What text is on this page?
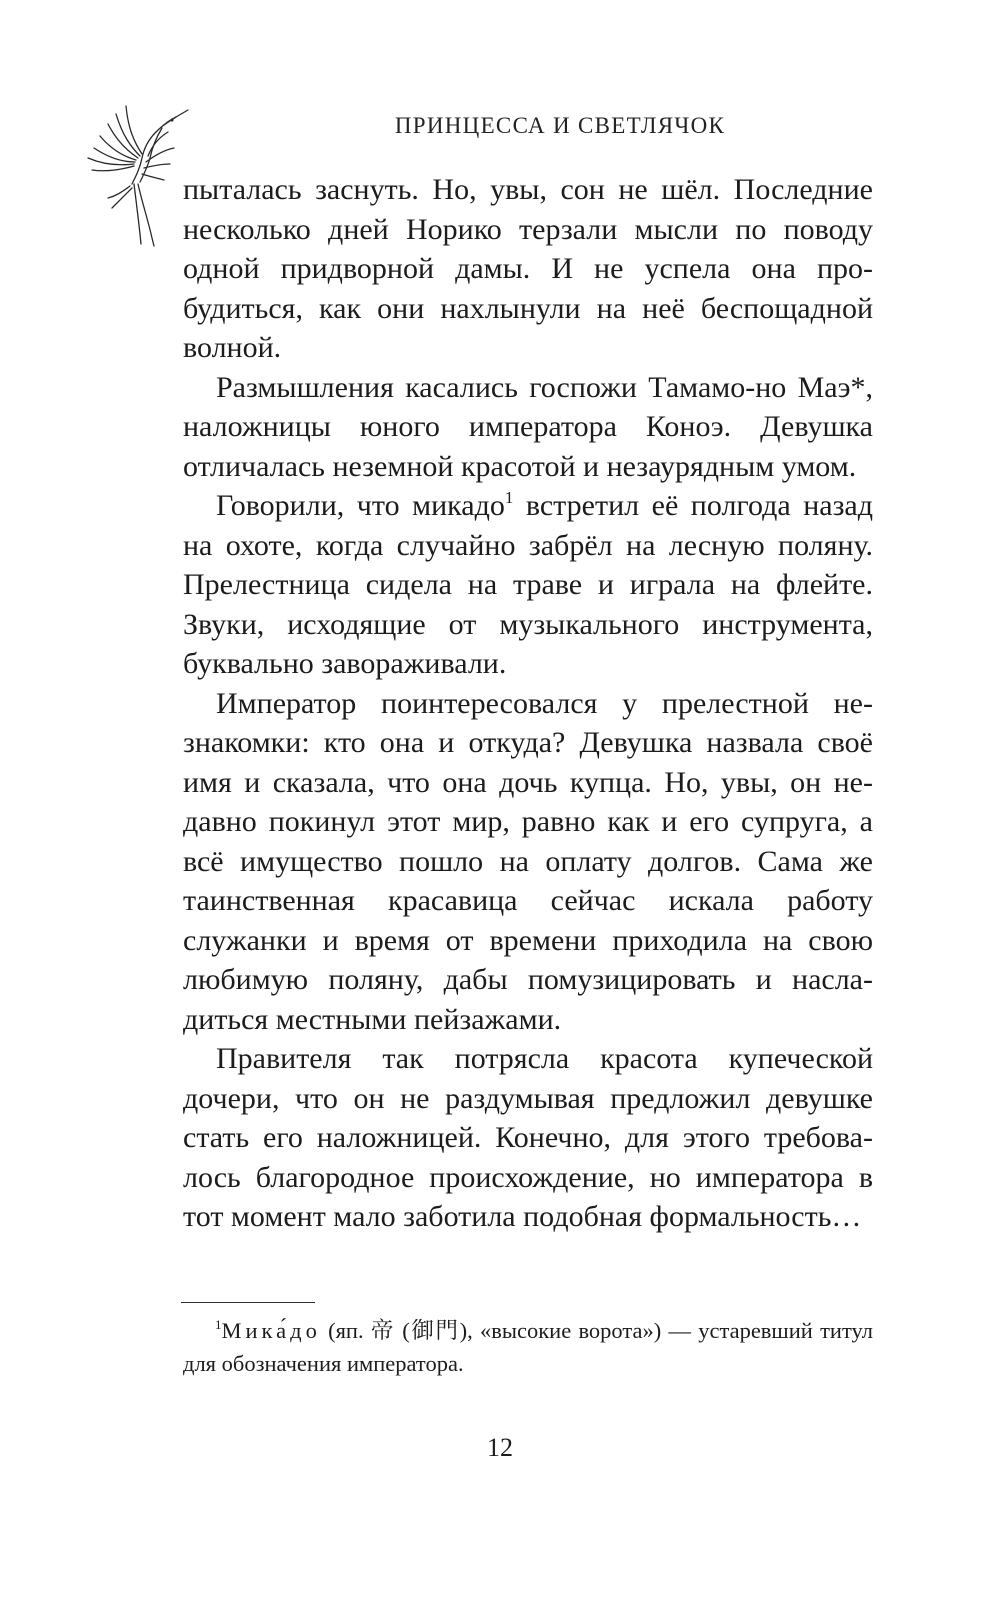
ПРИНЦЕССА И СВЕТЛЯЧОК

пыталась заснуть. Но, увы, сон не шёл. Последние несколько дней Норико терзали мысли по поводу одной придворной дамы. И не успела она пробудиться, как они нахлынули на неё беспощадной волной.

Размышления касались госпожи Тамамо-но Маэ*, наложницы юного императора Коноэ. Девушка отличалась неземной красотой и незаурядным умом.

Говорили, что микадо$^1$ встретил её полгода назад на охоте, когда случайно забрёл на лесную поляну. Прелестница сидела на траве и играла на флейте. Звуки, исходящие от музыкального инструмента, буквально завораживали.

Император поинтересовался у прелестной незнакомки: кто она и откуда? Девушка назвала своё имя и сказала, что она дочь купца. Но, увы, он недавно покинул этот мир, равно как и его супруга, а всё имущество пошло на оплату долгов. Сама же таинственная красавица сейчас искала работу служанки и время от времени приходила на свою любимую поляну, дабы помузицировать и насладиться местными пейзажами.

Правителя так потрясла красота купеческой дочери, что он не раздумывая предложил девушке стать его наложницей. Конечно, для этого требовалось благородное происхождение, но императора в тот момент мало заботила подобная формальность…

$^1$Мика́до (яп. 帝 (御門), «высокие ворота») — устаревший титул для обозначения императора.

12
